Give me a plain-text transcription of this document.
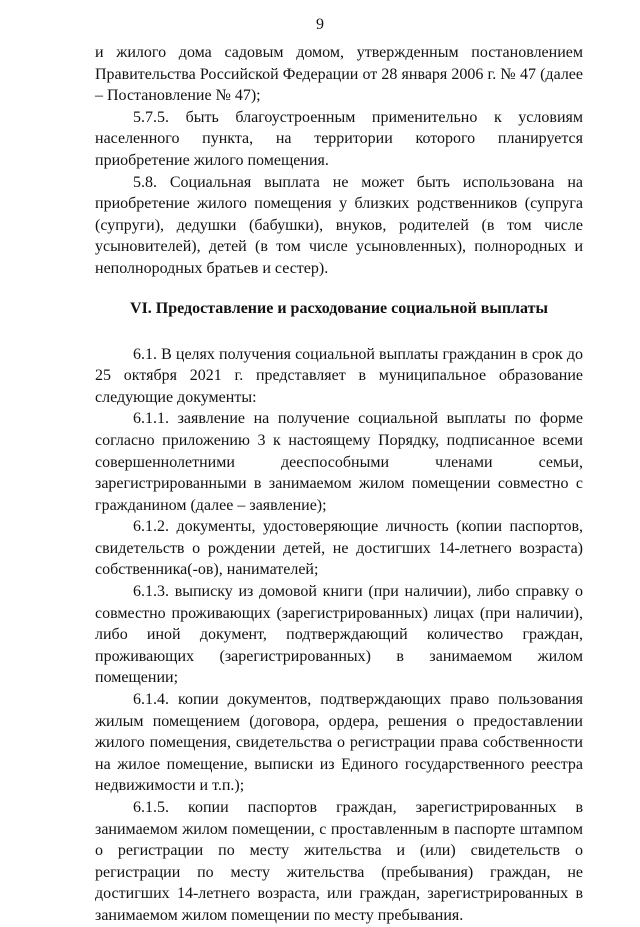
9

и жилого дома садовым домом, утвержденным постановлением Правительства Российской Федерации от 28 января 2006 г. № 47 (далее – Постановление № 47);

5.7.5. быть благоустроенным применительно к условиям населенного пункта, на территории которого планируется приобретение жилого помещения.

5.8. Социальная выплата не может быть использована на приобретение жилого помещения у близких родственников (супруга (супруги), дедушки (бабушки), внуков, родителей (в том числе усыновителей), детей (в том числе усыновленных), полнородных и неполнородных братьев и сестер).

VI. Предоставление и расходование социальной выплаты

6.1. В целях получения социальной выплаты гражданин в срок до 25 октября 2021 г. представляет в муниципальное образование следующие документы:

6.1.1. заявление на получение социальной выплаты по форме согласно приложению 3 к настоящему Порядку, подписанное всеми совершеннолетними дееспособными членами семьи, зарегистрированными в занимаемом жилом помещении совместно с гражданином (далее – заявление);

6.1.2. документы, удостоверяющие личность (копии паспортов, свидетельств о рождении детей, не достигших 14-летнего возраста) собственника(-ов), нанимателей;

6.1.3. выписку из домовой книги (при наличии), либо справку о совместно проживающих (зарегистрированных) лицах (при наличии), либо иной документ, подтверждающий количество граждан, проживающих (зарегистрированных) в занимаемом жилом помещении;

6.1.4. копии документов, подтверждающих право пользования жилым помещением (договора, ордера, решения о предоставлении жилого помещения, свидетельства о регистрации права собственности на жилое помещение, выписки из Единого государственного реестра недвижимости и т.п.);

6.1.5. копии паспортов граждан, зарегистрированных в занимаемом жилом помещении, с проставленным в паспорте штампом о регистрации по месту жительства и (или) свидетельств о регистрации по месту жительства (пребывания) граждан, не достигших 14-летнего возраста, или граждан, зарегистрированных в занимаемом жилом помещении по месту пребывания.
